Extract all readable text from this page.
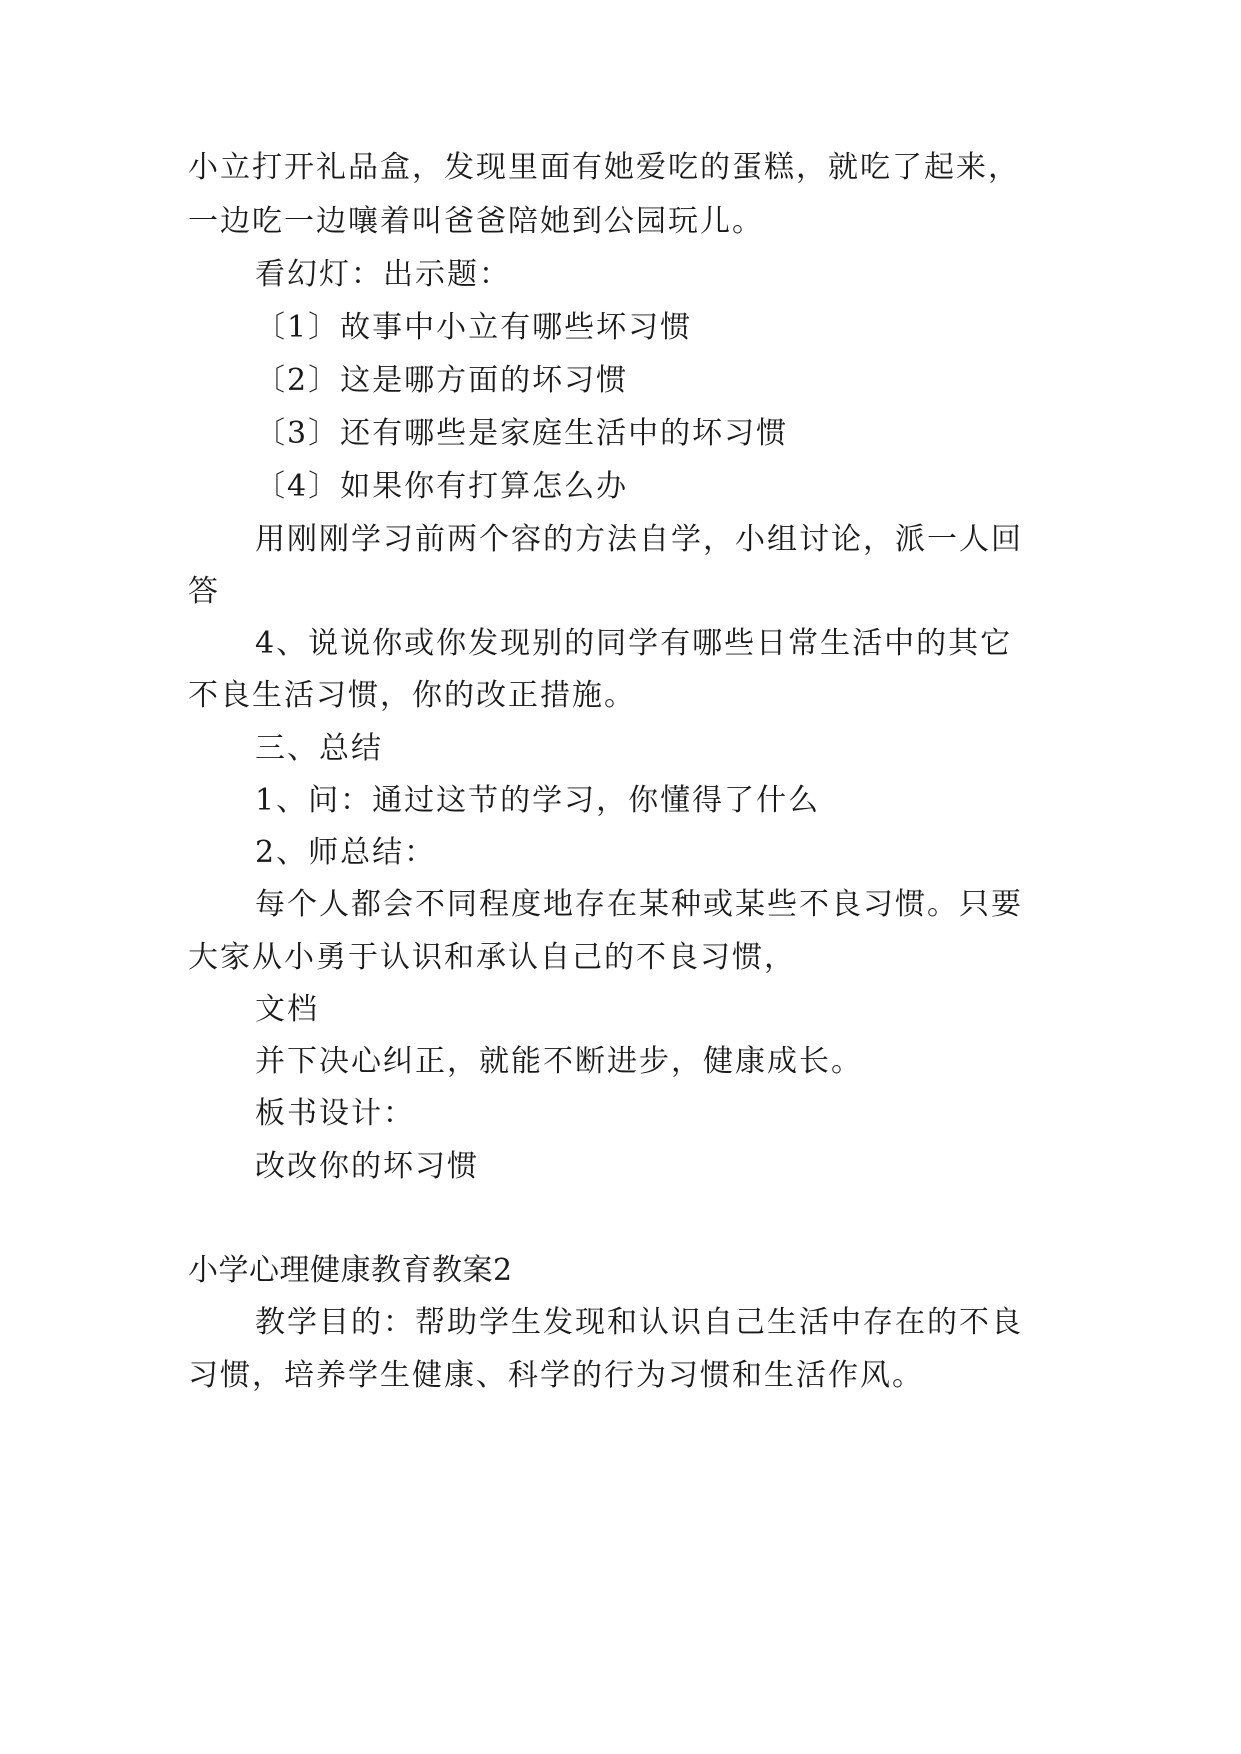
小立打开礼品盒，发现里面有她爱吃的蛋糕，就吃了起来，
一边吃一边嚷着叫爸爸陪她到公园玩儿。
看幻灯：出示题：
〔1〕故事中小立有哪些坏习惯
〔2〕这是哪方面的坏习惯
〔3〕还有哪些是家庭生活中的坏习惯
〔4〕如果你有打算怎么办
用刚刚学习前两个容的方法自学，小组讨论，派一人回
答
4、说说你或你发现别的同学有哪些日常生活中的其它
不良生活习惯，你的改正措施。
三、总结
1、问：通过这节的学习，你懂得了什么
2、师总结：
每个人都会不同程度地存在某种或某些不良习惯。只要
大家从小勇于认识和承认自己的不良习惯，
文档
并下决心纠正，就能不断进步，健康成长。
板书设计：
改改你的坏习惯
小学心理健康教育教案2
教学目的：帮助学生发现和认识自己生活中存在的不良
习惯，培养学生健康、科学的行为习惯和生活作风。
